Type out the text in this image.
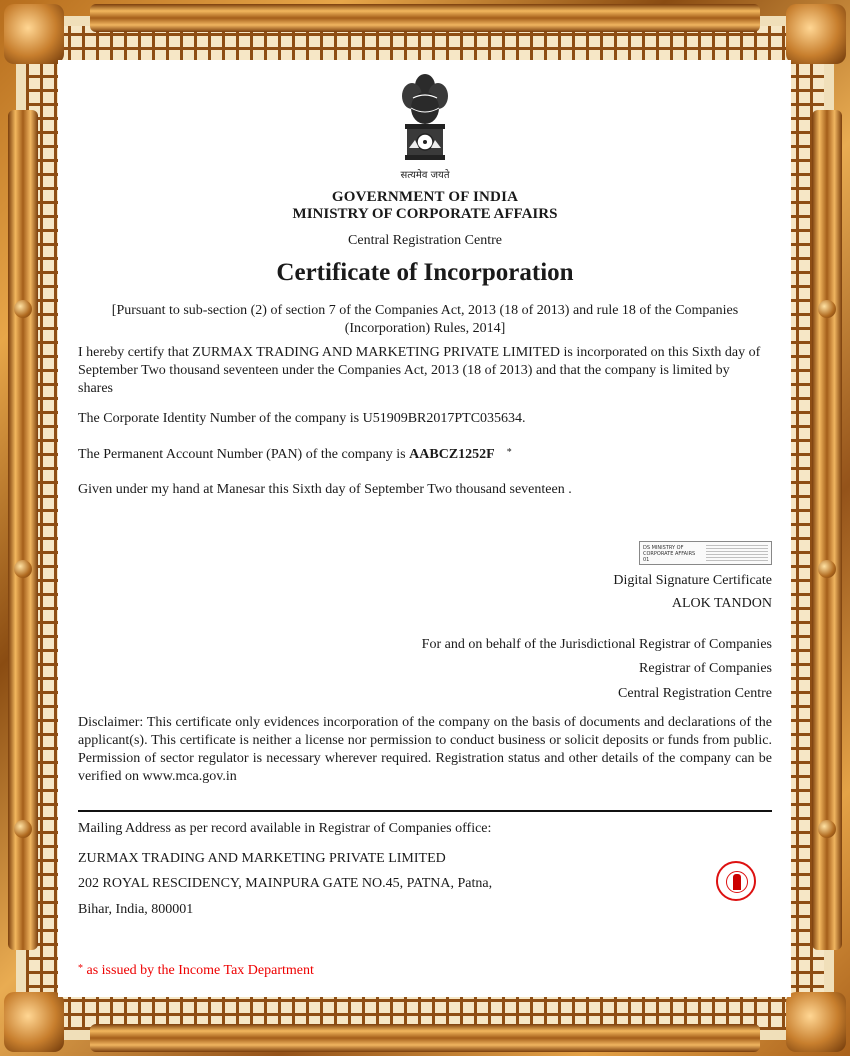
सत्यमेव जयते
GOVERNMENT OF INDIA
MINISTRY OF CORPORATE AFFAIRS
Central Registration Centre
Certificate of Incorporation
[Pursuant to sub-section (2) of section 7 of the Companies Act, 2013 (18 of 2013) and rule 18 of the Companies (Incorporation) Rules, 2014]
I hereby certify that ZURMAX TRADING AND MARKETING PRIVATE LIMITED is incorporated on this Sixth day of September Two thousand seventeen under the Companies Act, 2013 (18 of 2013) and that the company is limited by shares
The Corporate Identity Number of the company is U51909BR2017PTC035634.
The Permanent Account Number (PAN) of the company is AABCZ1252F *
Given under my hand at Manesar this Sixth day of September Two thousand seventeen .
DS MINISTRY OF CORPORATE AFFAIRS 01
Digital Signature Certificate
ALOK TANDON
For and on behalf of the Jurisdictional Registrar of Companies
Registrar of Companies
Central Registration Centre
Disclaimer: This certificate only evidences incorporation of the company on the basis of documents and declarations of the applicant(s). This certificate is neither a license nor permission to conduct business or solicit deposits or funds from public. Permission of sector regulator is necessary wherever required. Registration status and other details of the company can be verified on www.mca.gov.in
Mailing Address as per record available in Registrar of Companies office:
ZURMAX TRADING AND MARKETING PRIVATE LIMITED
202 ROYAL RESCIDENCY, MAINPURA GATE NO.45, PATNA, Patna,
Bihar, India, 800001
* as issued by the Income Tax Department
